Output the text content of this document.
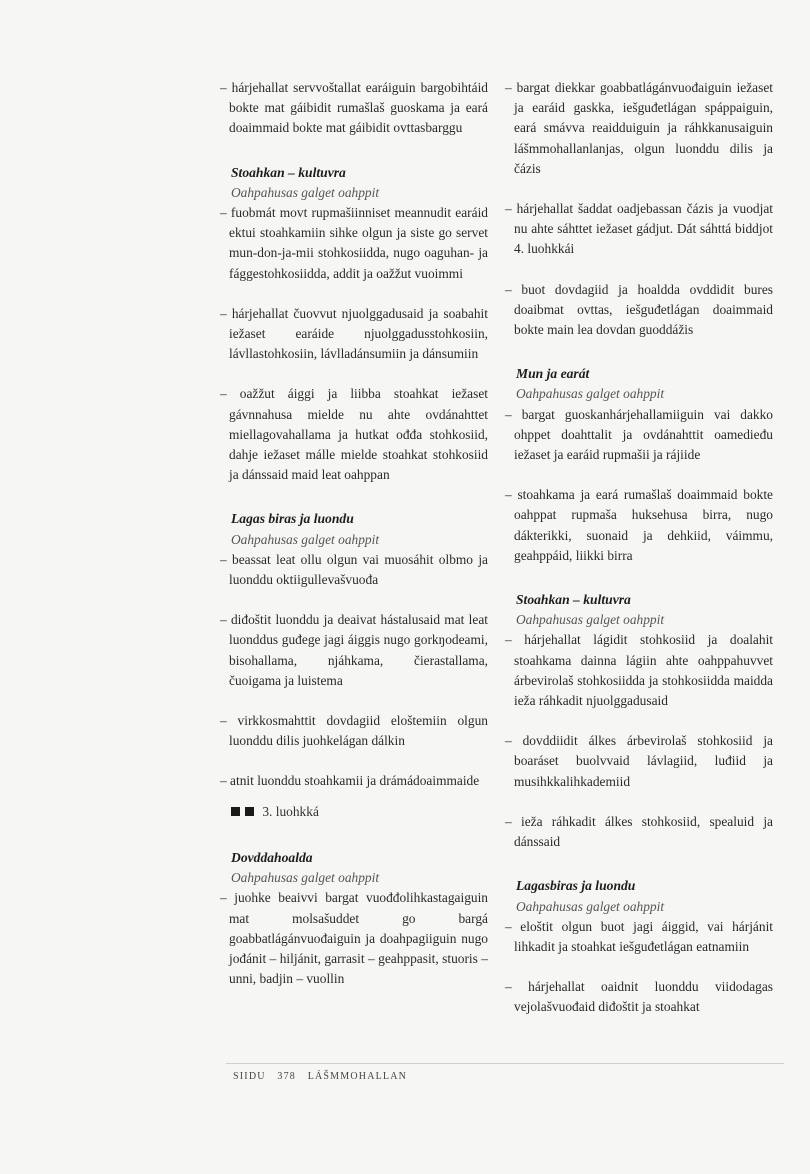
– hárjehallat servvoštallat earáiguin bargobihtáid bokte mat gáibidit rumašlaš guoskama ja eará doaimmaid bokte mat gáibidit ovttasbarggu

Stoahkan – kultuvra
Oahpahusas galget oahppit

– fuobmát movt rupmašiinniset meannudit earáid ektui stoahkamiin sihke olgun ja siste go servet mun-don-ja-mii stohkosiidda, nugo oaguhan- ja fággestohkosiidda, addit ja oažžut vuoimmi

– hárjehallat čuovvut njuolggadusaid ja soabahit iežaset earáide njuolggadusstohkosiin, lávllastohkosiin, lávlladánsumiin ja dánsumiin

– oažžut áiggi ja liibba stoahkat iežaset gávnnahusa mielde nu ahte ovdánahttet miellagovahallama ja hutkat ođđa stohkosiid, dahje iežaset málle mielde stoahkat stohkosiid ja dánssaid maid leat oahppan

Lagas biras ja luondu
Oahpahusas galget oahppit

– beassat leat ollu olgun vai muosáhit olbmo ja luonddu oktiigullevašvuođa

– diđoštit luonddu ja deaivat hástalusaid mat leat luonddus guđege jagi áiggis nugo gorkŋodeami, bisohallama, njáhkama, čierastallama, čuoigama ja luistema

– virkkosmahttit dovdagiid eloštemiin olgun luonddu dilis juohkelágan dálkin

– atnit luonddu stoahkamii ja drámádoaimmaide

3. luohkká
Dovddahoalda
Oahpahusas galget oahppit

– juohke beaivvi bargat vuođđolihkastagaiguin mat molsašuddet go bargá goabbatlágánvuođaiguin ja doahpagiiguin nugo jođánit – hiljánit, garrasit – geahppasit, stuoris – unni, badjin – vuollin

– bargat diekkar goabbatlágánvuođaiguin iežaset ja earáid gaskka, iešguđetlágan spáppaiguin, eará smávva reaidduiguin ja ráhkkanusaiguin lášmmohallanlanjas, olgun luonddu dilis ja čázis

– hárjehallat šaddat oadjebassan čázis ja vuodjat nu ahte sáhttet iežaset gádjut. Dát sáhttá biddjot 4. luohkkái

– buot dovdagiid ja hoaldda ovddidit bures doaibmat ovttas, iešguđetlágan doaimmaid bokte main lea dovdan guoddážis

Mun ja earát
Oahpahusas galget oahppit

– bargat guoskanhárjehallamiiguin vai dakko ohppet doahttalit ja ovdánahttit oamedieđu iežaset ja earáid rupmašii ja rájiide

– stoahkama ja eará rumašlaš doaimmaid bokte oahppat rupmaša huksehusa birra, nugo dákterikki, suonaid ja dehkiid, váimmu, geahppáid, liikki birra

Stoahkan – kultuvra
Oahpahusas galget oahppit

– hárjehallat lágidit stohkosiid ja doalahit stoahkama dainna lágiin ahte oahppahuvvet árbevirolaš stohkosiidda ja stohkosiidda maidda ieža ráhkadit njuolggadusaid

– dovddiidit álkes árbevirolaš stohkosiid ja boaráset buolvvaid lávlagiid, luđiid ja musihkkalihkademiid

– ieža ráhkadit álkes stohkosiid, spealuid ja dánssaid

Lagasbiras ja luondu
Oahpahusas galget oahppit

– eloštit olgun buot jagi áiggid, vai hárjánit lihkadit ja stoahkat iešguđetlágan eatnamiin

– hárjehallat oaidnit luonddu viidodagas vejolašvuođaid diđoštit ja stoahkat

SIIDU 378 LÁŠMMOHALLAN
